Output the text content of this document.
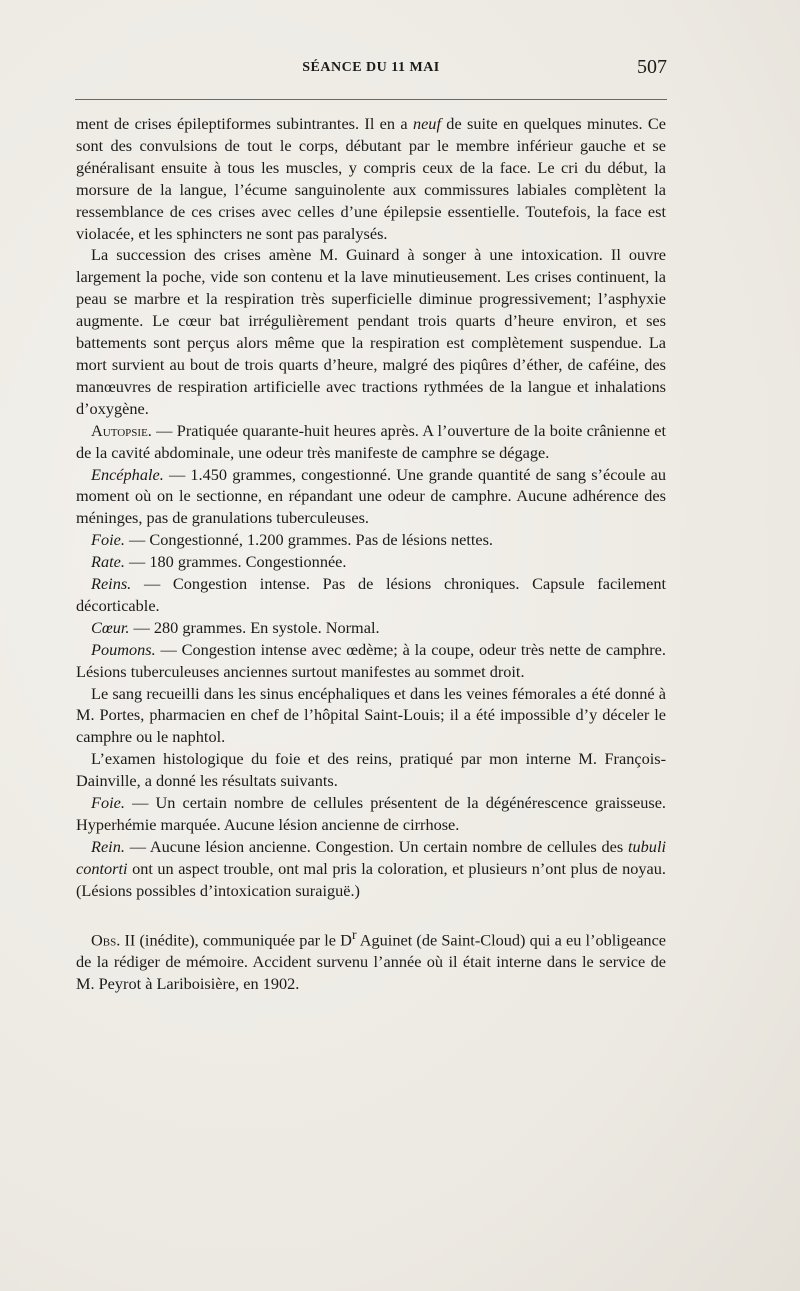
SÉANCE DU 11 MAI	507

ment de crises épileptiformes subintrantes. Il en a neuf de suite en quelques minutes. Ce sont des convulsions de tout le corps, débutant par le membre inférieur gauche et se généralisant ensuite à tous les muscles, y compris ceux de la face. Le cri du début, la morsure de la langue, l’écume sanguinolente aux commissures labiales complètent la ressemblance de ces crises avec celles d’une épilepsie essentielle. Toutefois, la face est violacée, et les sphincters ne sont pas paralysés.

La succession des crises amène M. Guinard à songer à une intoxication. Il ouvre largement la poche, vide son contenu et la lave minutieusement. Les crises continuent, la peau se marbre et la respiration très superficielle diminue progressivement; l’asphyxie augmente. Le cœur bat irrégulièrement pendant trois quarts d’heure environ, et ses battements sont perçus alors même que la respiration est complètement suspendue. La mort survient au bout de trois quarts d’heure, malgré des piqûres d’éther, de caféine, des manœuvres de respiration artificielle avec tractions rythmées de la langue et inhalations d’oxygène.

Autopsie. — Pratiquée quarante-huit heures après. A l’ouverture de la boite crânienne et de la cavité abdominale, une odeur très manifeste de camphre se dégage.

Encéphale. — 1.450 grammes, congestionné. Une grande quantité de sang s’écoule au moment où on le sectionne, en répandant une odeur de camphre. Aucune adhérence des méninges, pas de granulations tuberculeuses.

Foie. — Congestionné, 1.200 grammes. Pas de lésions nettes.

Rate. — 180 grammes. Congestionnée.

Reins. — Congestion intense. Pas de lésions chroniques. Capsule facilement décorticable.

Cœur. — 280 grammes. En systole. Normal.

Poumons. — Congestion intense avec œdème; à la coupe, odeur très nette de camphre. Lésions tuberculeuses anciennes surtout manifestes au sommet droit.

Le sang recueilli dans les sinus encéphaliques et dans les veines fémorales a été donné à M. Portes, pharmacien en chef de l’hôpital Saint-Louis; il a été impossible d’y déceler le camphre ou le naphtol.

L’examen histologique du foie et des reins, pratiqué par mon interne M. François-Dainville, a donné les résultats suivants.

Foie. — Un certain nombre de cellules présentent de la dégénérescence graisseuse. Hyperhémie marquée. Aucune lésion ancienne de cirrhose.

Rein. — Aucune lésion ancienne. Congestion. Un certain nombre de cellules des tubuli contorti ont un aspect trouble, ont mal pris la coloration, et plusieurs n’ont plus de noyau. (Lésions possibles d’intoxication suraiguë.)

Obs. II (inédite), communiquée par le $D^r$ Aguinet (de Saint-Cloud) qui a eu l’obligeance de la rédiger de mémoire. Accident survenu l’année où il était interne dans le service de M. Peyrot à Lariboisière, en 1902.
